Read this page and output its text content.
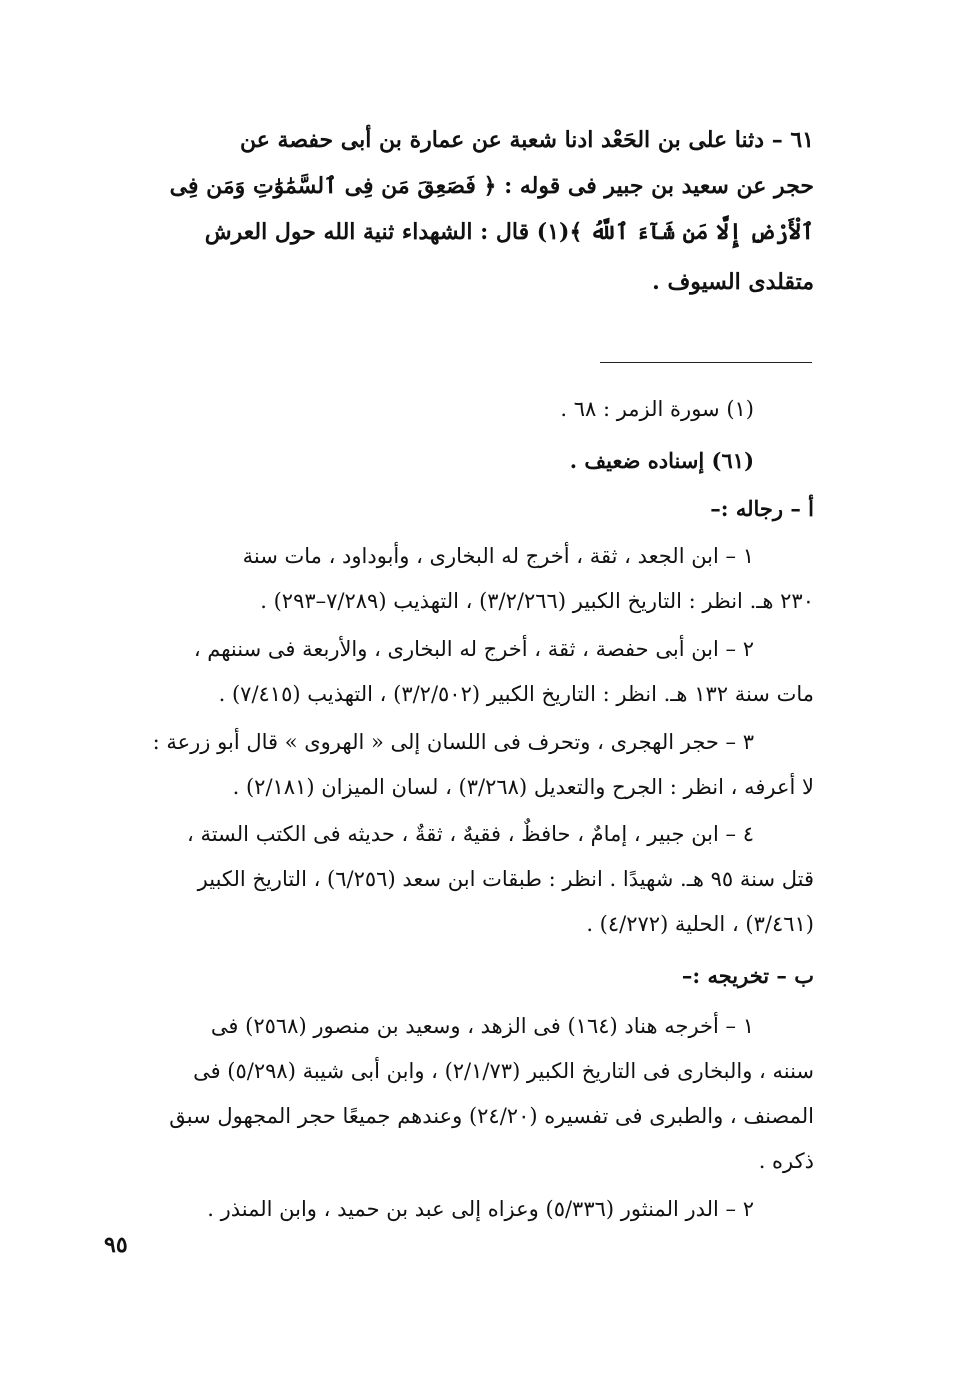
٦١ – دثنا على بن الحَعْد ادنا شعبة عن عمارة بن أبى حفصة عن
حجر عن سعيد بن جبير فى قوله : ﴿ فَصَعِقَ مَن فِى ٱلسَّمَٰوَٰتِ وَمَن فِى
ٱلْأَرْضِ إِلَّا مَن شَآءَ ٱللَّهُ ﴾(١) قال : الشهداء ثنية الله حول العرش
متقلدى السيوف .
(١) سورة الزمر : ٦٨ .
(٦١) إسناده ضعيف .
أ – رجاله :–
١ – ابن الجعد ، ثقة ، أخرج له البخارى ، وأبوداود ، مات سنة
٢٣٠ هـ. انظر : التاريخ الكبير (٣/٢/٢٦٦) ، التهذيب (٧/٢٨٩–٢٩٣) .
٢ – ابن أبى حفصة ، ثقة ، أخرج له البخارى ، والأربعة فى سننهم ،
مات سنة ١٣٢ هـ. انظر : التاريخ الكبير (٣/٢/٥٠٢) ، التهذيب (٧/٤١٥) .
٣ – حجر الهجرى ، وتحرف فى اللسان إلى « الهروى » قال أبو زرعة :
لا أعرفه ، انظر : الجرح والتعديل (٣/٢٦٨) ، لسان الميزان (٢/١٨١) .
٤ – ابن جبير ، إمامٌ ، حافظٌ ، فقيهٌ ، ثقةٌ ، حديثه فى الكتب الستة ،
قتل سنة ٩٥ هـ. شهيدًا . انظر : طبقات ابن سعد (٦/٢٥٦) ، التاريخ الكبير
(٣/٤٦١) ، الحلية (٤/٢٧٢) .
ب – تخريجه :–
١ – أخرجه هناد (١٦٤) فى الزهد ، وسعيد بن منصور (٢٥٦٨) فى
سننه ، والبخارى فى التاريخ الكبير (٢/١/٧٣) ، وابن أبى شيبة (٥/٢٩٨) فى
المصنف ، والطبرى فى تفسيره (٢٤/٢٠) وعندهم جميعًا حجر المجهول سبق
ذكره .
٢ – الدر المنثور (٥/٣٣٦) وعزاه إلى عبد بن حميد ، وابن المنذر .
٩٥
